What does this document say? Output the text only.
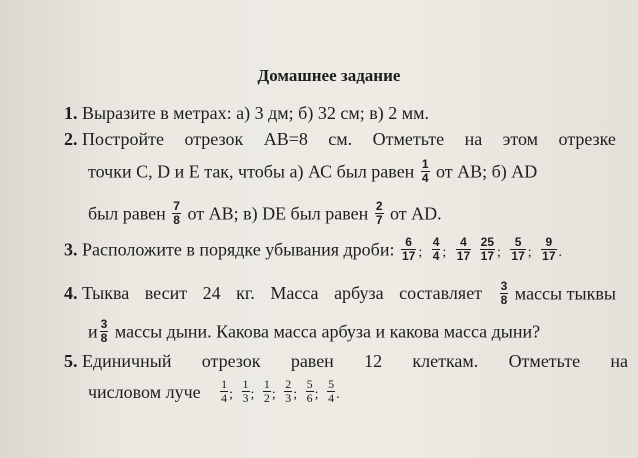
Домашнее задание
1. Выразите в метрах: а) 3 дм; б) 32 см; в) 2 мм.
2. Постройте отрезок АВ=8 см. Отметьте на этом отрезке
точки С, D и Е так, чтобы а) АС был равен $\frac{1}{4}$ от АВ; б) АD
был равен $\frac{7}{8}$ от АВ; в) DЕ был равен $\frac{2}{7}$ от АD.
3. Расположите в порядке убывания дроби: $\frac{6}{17}$ ; $\frac{4}{4}$ ; $\frac{4}{17}$
$\frac{25}{17}$ ; $\frac{5}{17}$ ; $\frac{9}{17}$ .
4. Тыква весит 24 кг. Масса арбуза составляет $\frac{3}{8}$ массы тыквы
и $\frac{3}{8}$ массы дыни. Какова масса арбуза и какова масса дыни?
5. Единичный отрезок равен 12 клеткам. Отметьте на
числовом луче $\frac{1}{4}$ ; $\frac{1}{3}$ ; $\frac{1}{2}$ ; $\frac{2}{3}$ ; $\frac{5}{6}$ ; $\frac{5}{4}$ .
